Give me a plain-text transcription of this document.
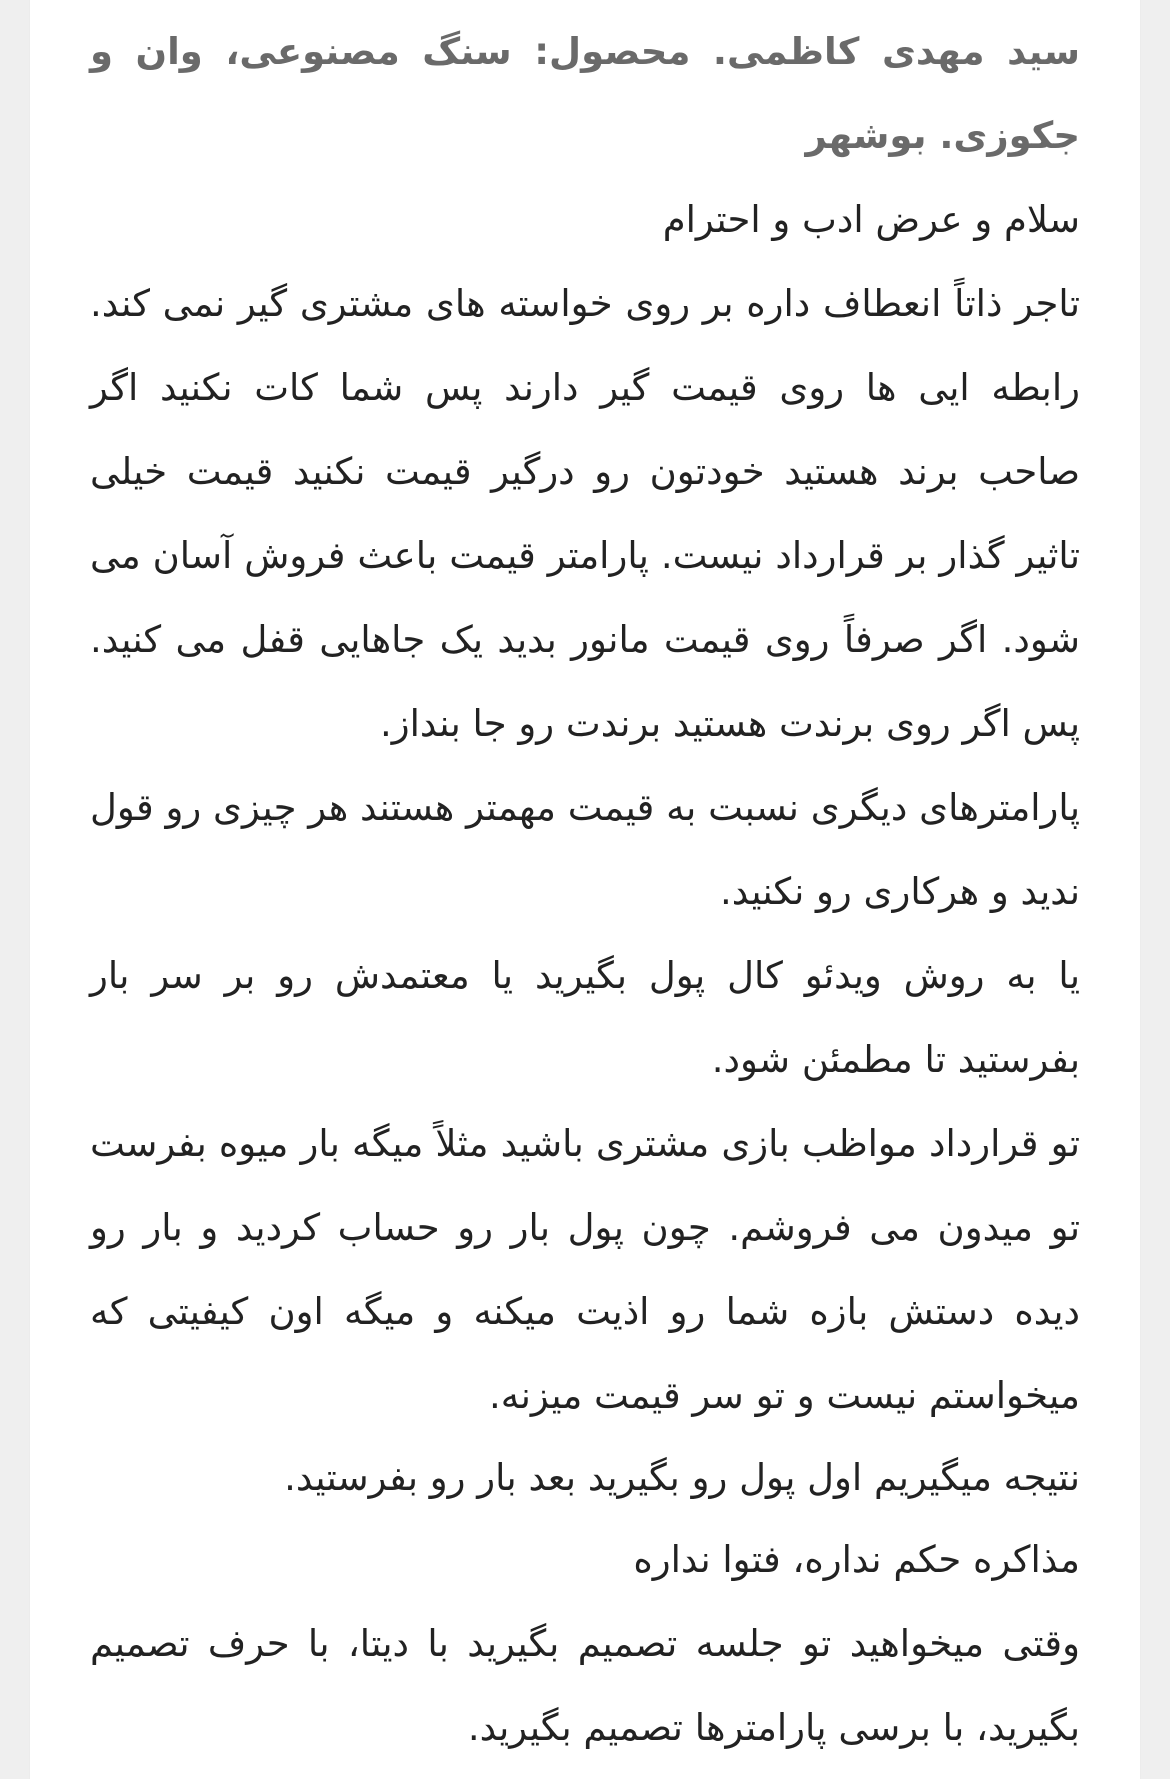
سید مهدی کاظمی. محصول: سنگ مصنوعی، وان و جکوزی. بوشهر

سلام و عرض ادب و احترام

تاجر ذاتاً انعطاف داره بر روی خواسته های مشتری گیر نمی کند. رابطه ایی ها روی قیمت گیر دارند پس شما کات نکنید اگر صاحب برند هستید خودتون رو درگیر قیمت نکنید قیمت خیلی تاثیر گذار بر قرارداد نیست. پارامتر قیمت باعث فروش آسان می شود. اگر صرفاً روی قیمت مانور بدید یک جاهایی قفل می کنید. پس اگر روی برندت هستید برندت رو جا بنداز.

پارامترهای دیگری نسبت به قیمت مهمتر هستند هر چیزی رو قول ندید و هرکاری رو نکنید.

یا به روش ویدئو کال پول بگیرید یا معتمدش رو بر سر بار بفرستید تا مطمئن شود.

تو قرارداد مواظب بازی مشتری باشید مثلاً میگه بار میوه بفرست تو میدون می فروشم. چون پول بار رو حساب کردید و بار رو دیده دستش بازه شما رو اذیت میکنه و میگه اون کیفیتی که میخواستم نیست و تو سر قیمت میزنه.

نتیجه میگیریم اول پول رو بگیرید بعد بار رو بفرستید.

مذاکره حکم نداره، فتوا نداره

وقتی میخواهید تو جلسه تصمیم بگیرید با دیتا، با حرف تصمیم بگیرید، با برسی پارامترها تصمیم بگیرید.
